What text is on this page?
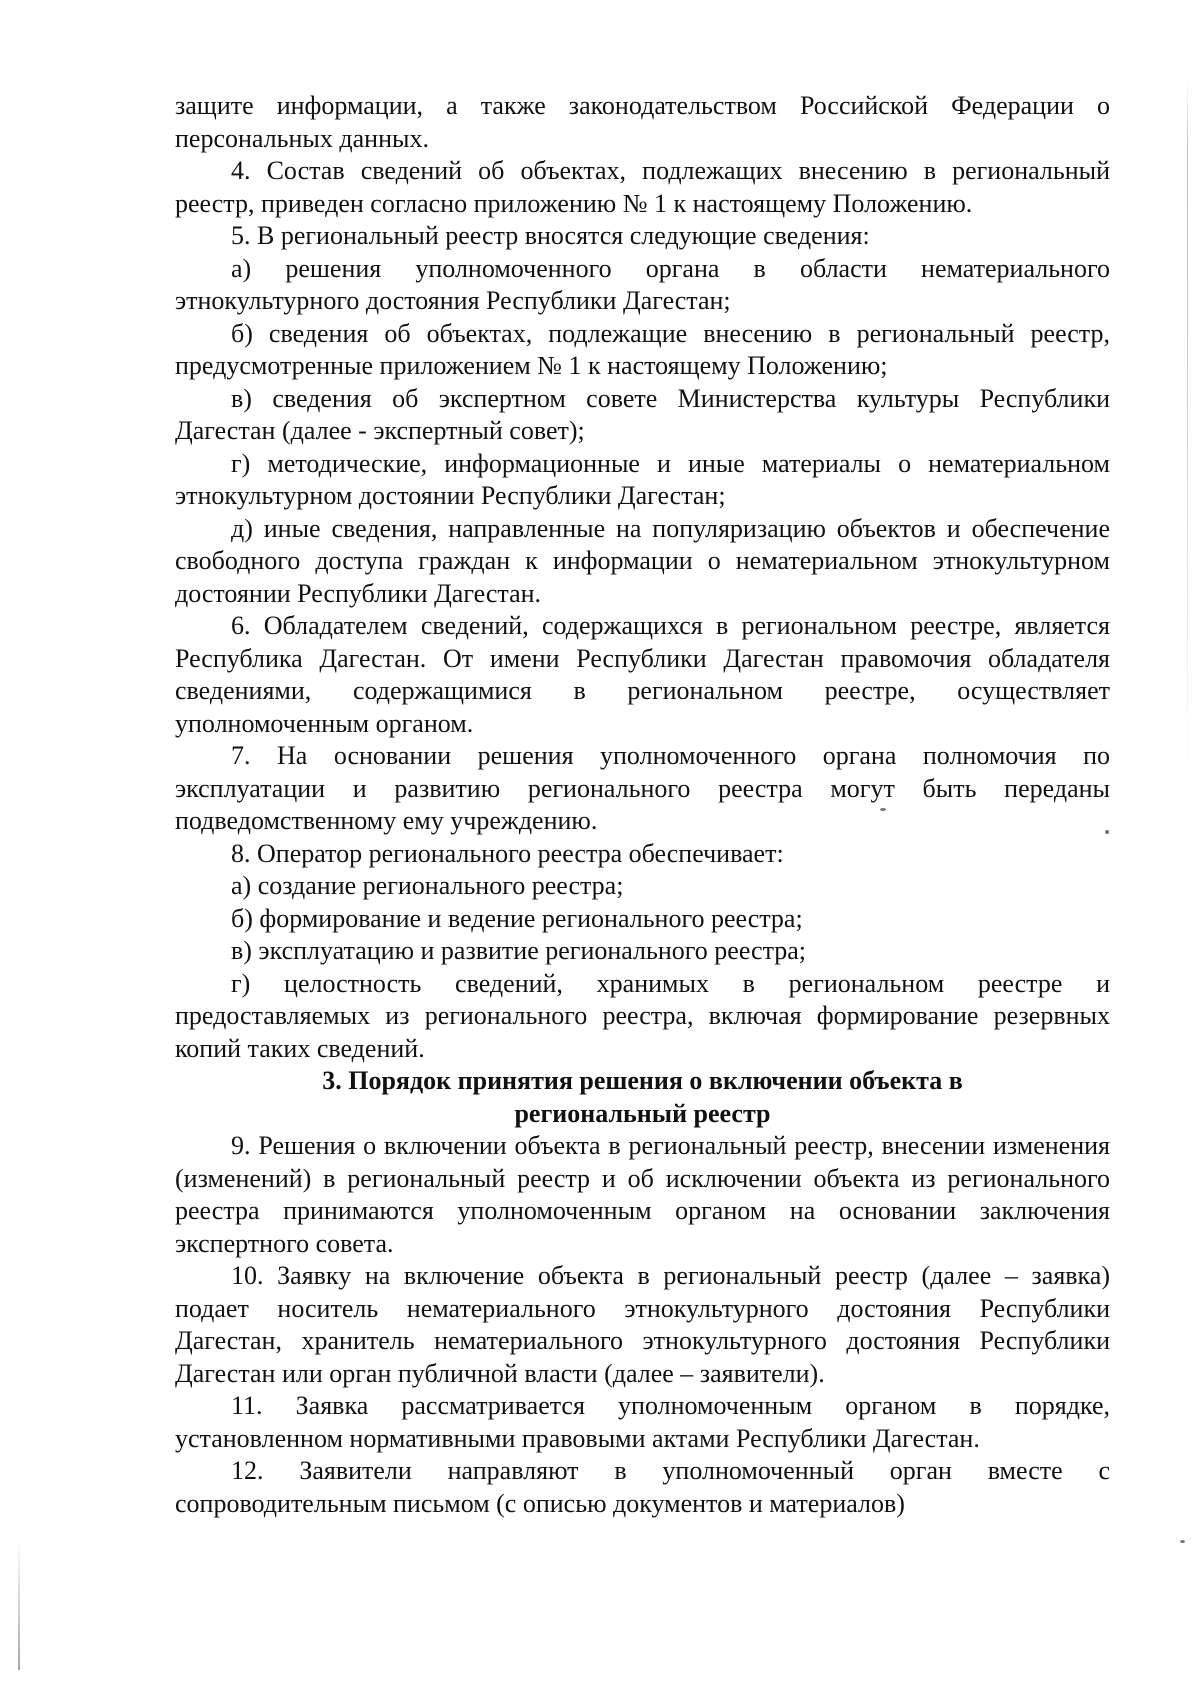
защите информации, а также законодательством Российской Федерации о персональных данных.

4. Состав сведений об объектах, подлежащих внесению в региональный реестр, приведен согласно приложению № 1 к настоящему Положению.

5. В региональный реестр вносятся следующие сведения:

а) решения уполномоченного органа в области нематериального этнокультурного достояния Республики Дагестан;

б) сведения об объектах, подлежащие внесению в региональный реестр, предусмотренные приложением № 1 к настоящему Положению;

в) сведения об экспертном совете Министерства культуры Республики Дагестан (далее - экспертный совет);

г) методические, информационные и иные материалы о нематериальном этнокультурном достоянии Республики Дагестан;

д) иные сведения, направленные на популяризацию объектов и обеспечение свободного доступа граждан к информации о нематериальном этнокультурном достоянии Республики Дагестан.

6. Обладателем сведений, содержащихся в региональном реестре, является Республика Дагестан. От имени Республики Дагестан правомочия обладателя сведениями, содержащимися в региональном реестре, осуществляет уполномоченным органом.

7. На основании решения уполномоченного органа полномочия по эксплуатации и развитию регионального реестра могут быть переданы подведомственному ему учреждению.

8. Оператор регионального реестра обеспечивает:

а) создание регионального реестра;

б) формирование и ведение регионального реестра;

в) эксплуатацию и развитие регионального реестра;

г) целостность сведений, хранимых в региональном реестре и предоставляемых из регионального реестра, включая формирование резервных копий таких сведений.

3. Порядок принятия решения о включении объекта в региональный реестр

9. Решения о включении объекта в региональный реестр, внесении изменения (изменений) в региональный реестр и об исключении объекта из регионального реестра принимаются уполномоченным органом на основании заключения экспертного совета.

10. Заявку на включение объекта в региональный реестр (далее – заявка) подает носитель нематериального этнокультурного достояния Республики Дагестан, хранитель нематериального этнокультурного достояния Республики Дагестан или орган публичной власти (далее – заявители).

11. Заявка рассматривается уполномоченным органом в порядке, установленном нормативными правовыми актами Республики Дагестан.

12. Заявители направляют в уполномоченный орган вместе с сопроводительным письмом (с описью документов и материалов)
